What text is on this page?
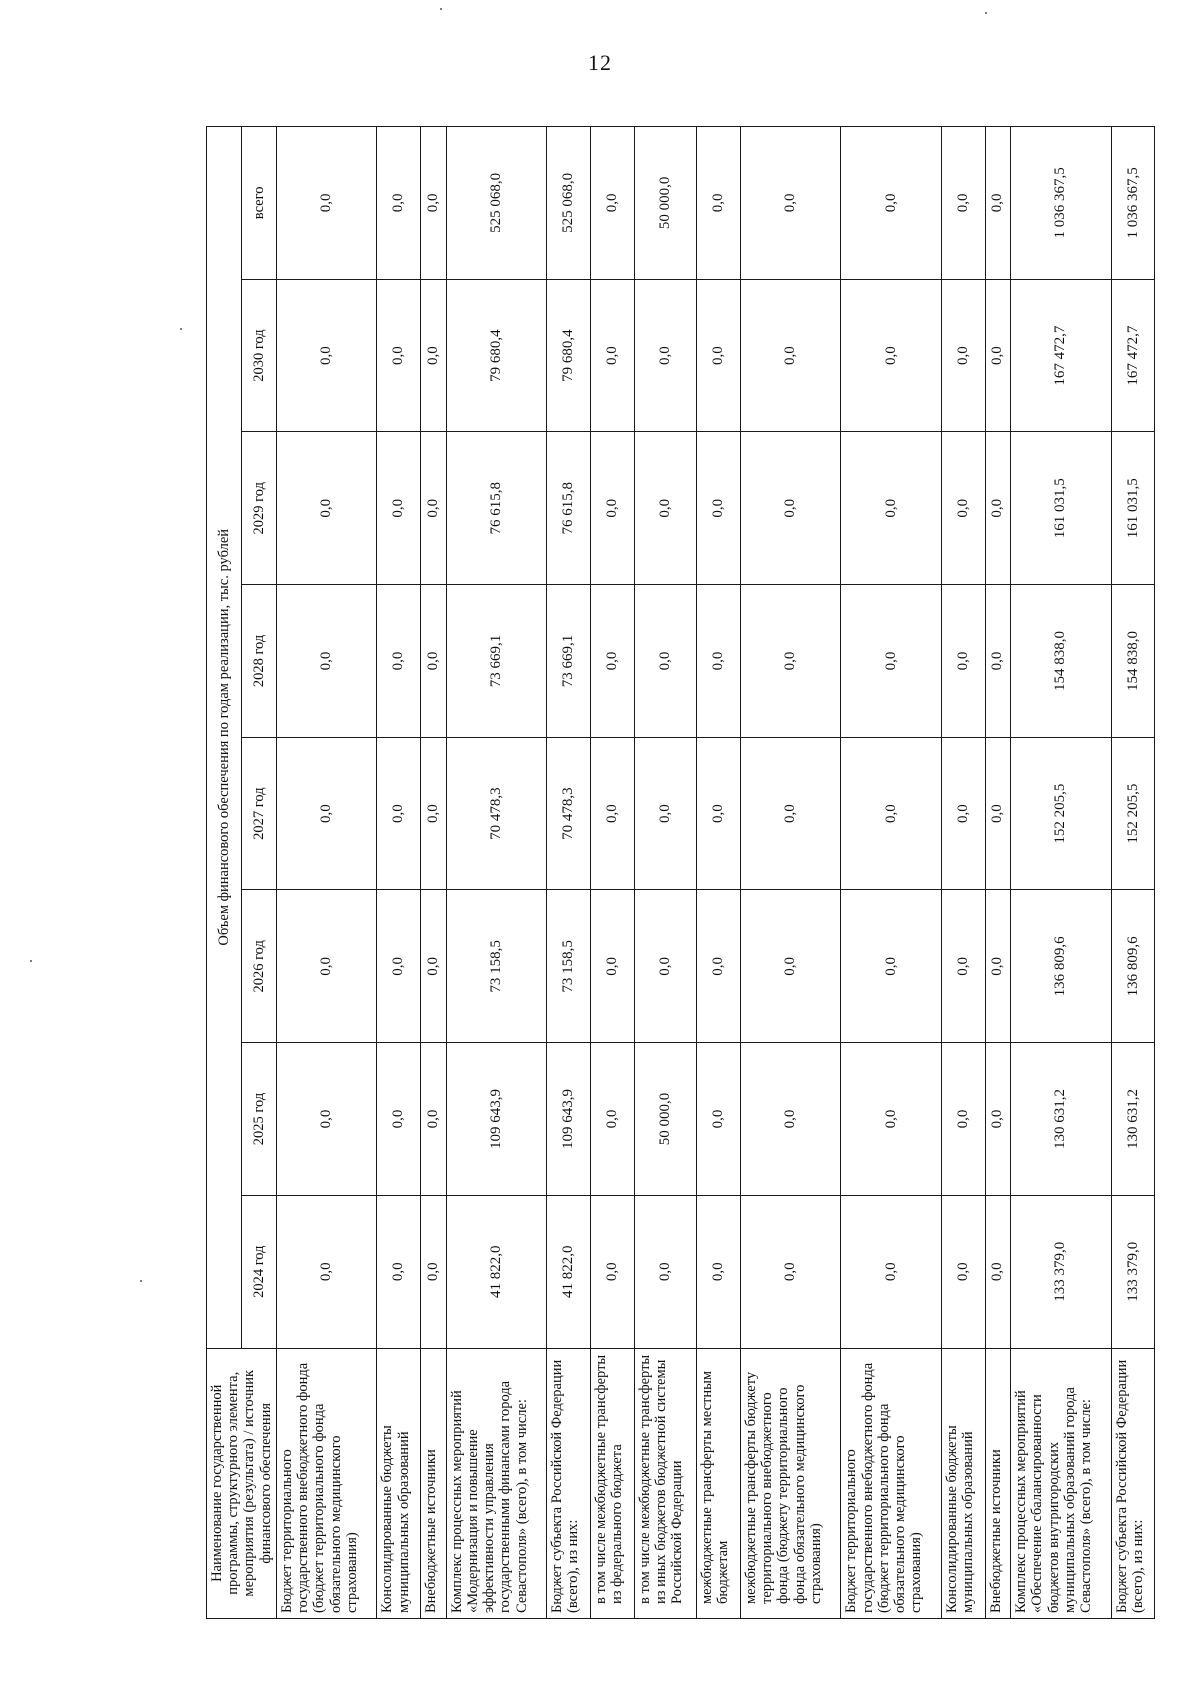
12
Наименование государственной программы, структурного элемента, мероприятия (результата) / источник финансового обеспечения	Объем финансового обеспечения по годам реализации, тыс. рублей							
	2024 год	2025 год	2026 год	2027 год	2028 год	2029 год	2030 год	всего
Бюджет территориального государственного внебюджетного фонда (бюджет территориального фонда обязательного медицинского страхования)	0,0	0,0	0,0	0,0	0,0	0,0	0,0	0,0
Консолидированные бюджеты муниципальных образований	0,0	0,0	0,0	0,0	0,0	0,0	0,0	0,0
Внебюджетные источники	0,0	0,0	0,0	0,0	0,0	0,0	0,0	0,0
Комплекс процессных мероприятий «Модернизация и повышение эффективности управления государственными финансами города Севастополя» (всего), в том числе:	41 822,0	109 643,9	73 158,5	70 478,3	73 669,1	76 615,8	79 680,4	525 068,0
Бюджет субъекта Российской Федерации (всего), из них:	41 822,0	109 643,9	73 158,5	70 478,3	73 669,1	76 615,8	79 680,4	525 068,0
в том числе межбюджетные трансферты из федерального бюджета	0,0	0,0	0,0	0,0	0,0	0,0	0,0	0,0
в том числе межбюджетные трансферты из иных бюджетов бюджетной системы Российской Федерации	0,0	50 000,0	0,0	0,0	0,0	0,0	0,0	50 000,0
межбюджетные трансферты местным бюджетам	0,0	0,0	0,0	0,0	0,0	0,0	0,0	0,0
межбюджетные трансферты бюджету территориального внебюджетного фонда (бюджету территориального фонда обязательного медицинского страхования)	0,0	0,0	0,0	0,0	0,0	0,0	0,0	0,0
Бюджет территориального государственного внебюджетного фонда (бюджет территориального фонда обязательного медицинского страхования)	0,0	0,0	0,0	0,0	0,0	0,0	0,0	0,0
Консолидированные бюджеты муниципальных образований	0,0	0,0	0,0	0,0	0,0	0,0	0,0	0,0
Внебюджетные источники	0,0	0,0	0,0	0,0	0,0	0,0	0,0	0,0
Комплекс процессных мероприятий «Обеспечение сбалансированности бюджетов внутригородских муниципальных образований города Севастополя» (всего), в том числе:	133 379,0	130 631,2	136 809,6	152 205,5	154 838,0	161 031,5	167 472,7	1 036 367,5
Бюджет субъекта Российской Федерации (всего), из них:	133 379,0	130 631,2	136 809,6	152 205,5	154 838,0	161 031,5	167 472,7	1 036 367,5
